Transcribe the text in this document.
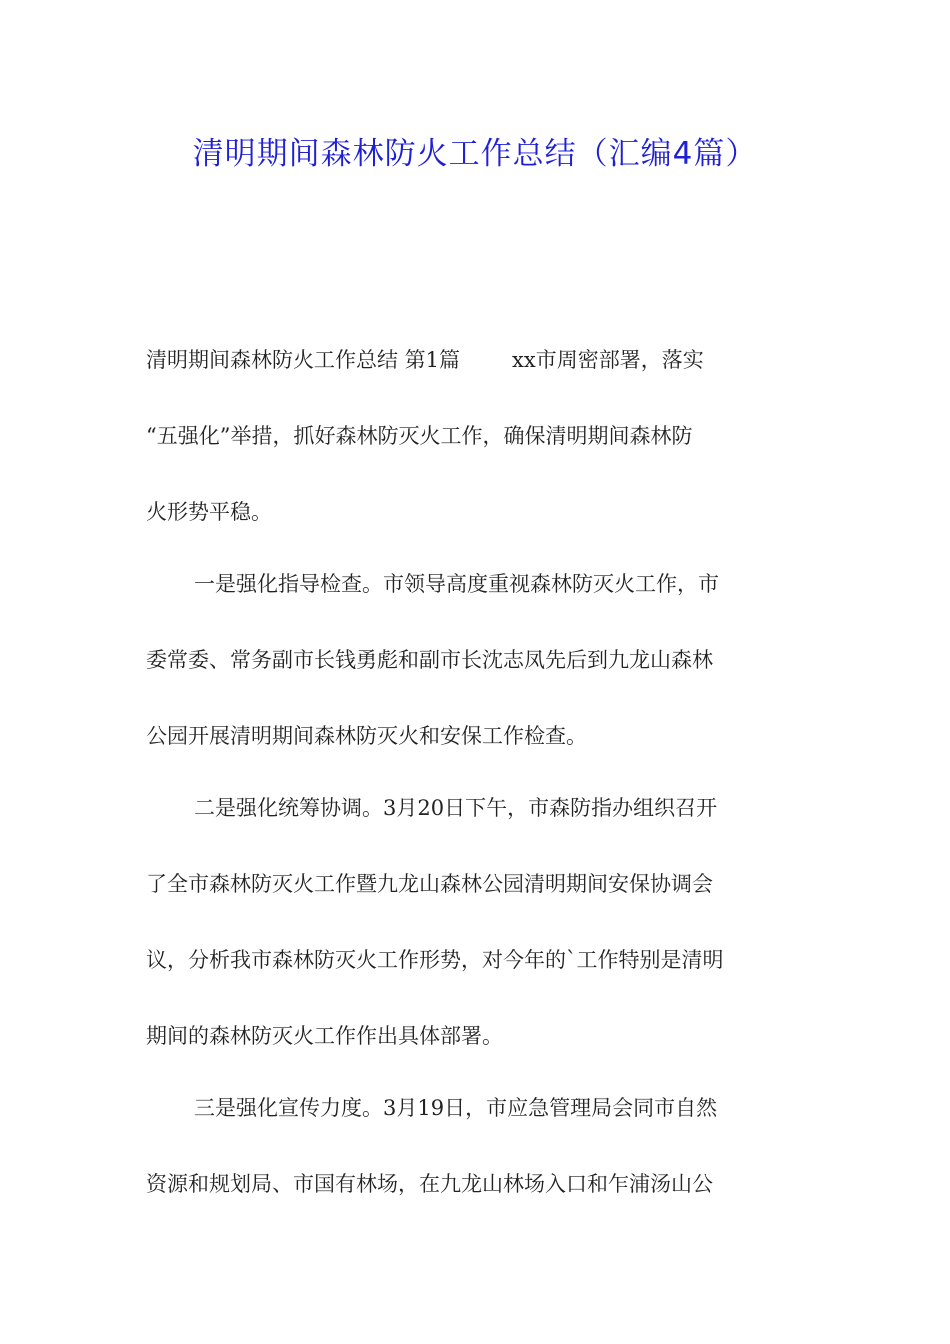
清明期间森林防火工作总结（汇编4篇）

清明期间森林防火工作总结 第1篇 xx市周密部署，落实

“五强化”举措，抓好森林防灭火工作，确保清明期间森林防

火形势平稳。

一是强化指导检查。市领导高度重视森林防灭火工作，市

委常委、常务副市长钱勇彪和副市长沈志凤先后到九龙山森林

公园开展清明期间森林防灭火和安保工作检查。

二是强化统筹协调。3月20日下午，市森防指办组织召开

了全市森林防灭火工作暨九龙山森林公园清明期间安保协调会

议，分析我市森林防灭火工作形势，对今年的`工作特别是清明

期间的森林防灭火工作作出具体部署。

三是强化宣传力度。3月19日，市应急管理局会同市自然

资源和规划局、市国有林场，在九龙山林场入口和乍浦汤山公
